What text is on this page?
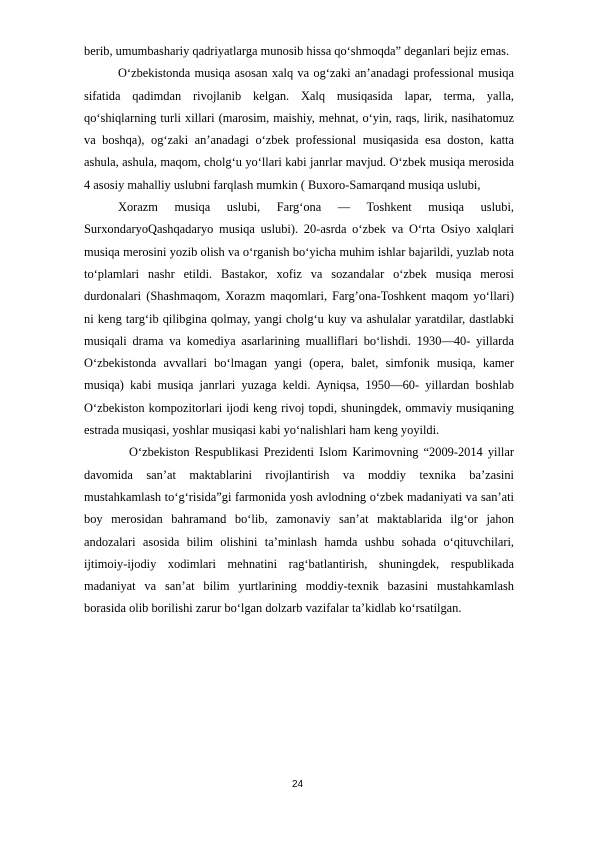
berib, umumbashariy qadriyatlarga munosib hissa qo‘shmoqda” deganlari bejiz emas.

O‘zbekistonda musiqa asosan xalq va og‘zaki an’anadagi professional musiqa sifatida qadimdan rivojlanib kelgan. Xalq musiqasida lapar, terma, yalla, qo‘shiqlarning turli xillari (marosim, maishiy, mehnat, o‘yin, raqs, lirik, nasihatomuz va boshqa), og‘zaki an’anadagi o‘zbek professional musiqasida esa doston, katta ashula, ashula, maqom, cholg‘u yo‘llari kabi janrlar mavjud. O‘zbek musiqa merosida 4 asosiy mahalliy uslubni farqlash mumkin ( Buxoro-Samarqand musiqa uslubi,

Xorazm musiqa uslubi, Farg‘ona — Toshkent musiqa uslubi, SurxondaryoQashqadaryo musiqa uslubi). 20-asrda o‘zbek va O‘rta Osiyo xalqlari musiqa merosini yozib olish va o‘rganish bo‘yicha muhim ishlar bajarildi, yuzlab nota to‘plamlari nashr etildi. Bastakor, xofiz va sozandalar o‘zbek musiqa merosi durdonalari (Shashmaqom, Xorazm maqomlari, Farg’ona-Toshkent maqom yo‘llari) ni keng targ‘ib qilibgina qolmay, yangi cholg‘u kuy va ashulalar yaratdilar, dastlabki musiqali drama va komediya asarlarining mualliflari bo‘lishdi. 1930—40- yillarda O‘zbekistonda avvallari bo‘lmagan yangi (opera, balet, simfonik musiqa, kamer musiqa) kabi musiqa janrlari yuzaga keldi. Ayniqsa, 1950—60- yillardan boshlab O‘zbekiston kompozitorlari ijodi keng rivoj topdi, shuningdek, ommaviy musiqaning estrada musiqasi, yoshlar musiqasi kabi yo‘nalishlari ham keng yoyildi.

O‘zbekiston Respublikasi Prezidenti Islom Karimovning “2009-2014 yillar davomida san’at maktablarini rivojlantirish va moddiy texnika ba’zasini mustahkamlash to‘g‘risida”gi farmonida yosh avlodning o‘zbek madaniyati va san’ati boy merosidan bahramand bo‘lib, zamonaviy san’at maktablarida ilg‘or jahon andozalari asosida bilim olishini ta’minlash hamda ushbu sohada o‘qituvchilari, ijtimoiy-ijodiy xodimlari mehnatini rag‘batlantirish, shuningdek, respublikada madaniyat va san’at bilim yurtlarining moddiy-texnik bazasini mustahkamlash borasida olib borilishi zarur bo‘lgan dolzarb vazifalar ta’kidlab ko‘rsatilgan.

24
